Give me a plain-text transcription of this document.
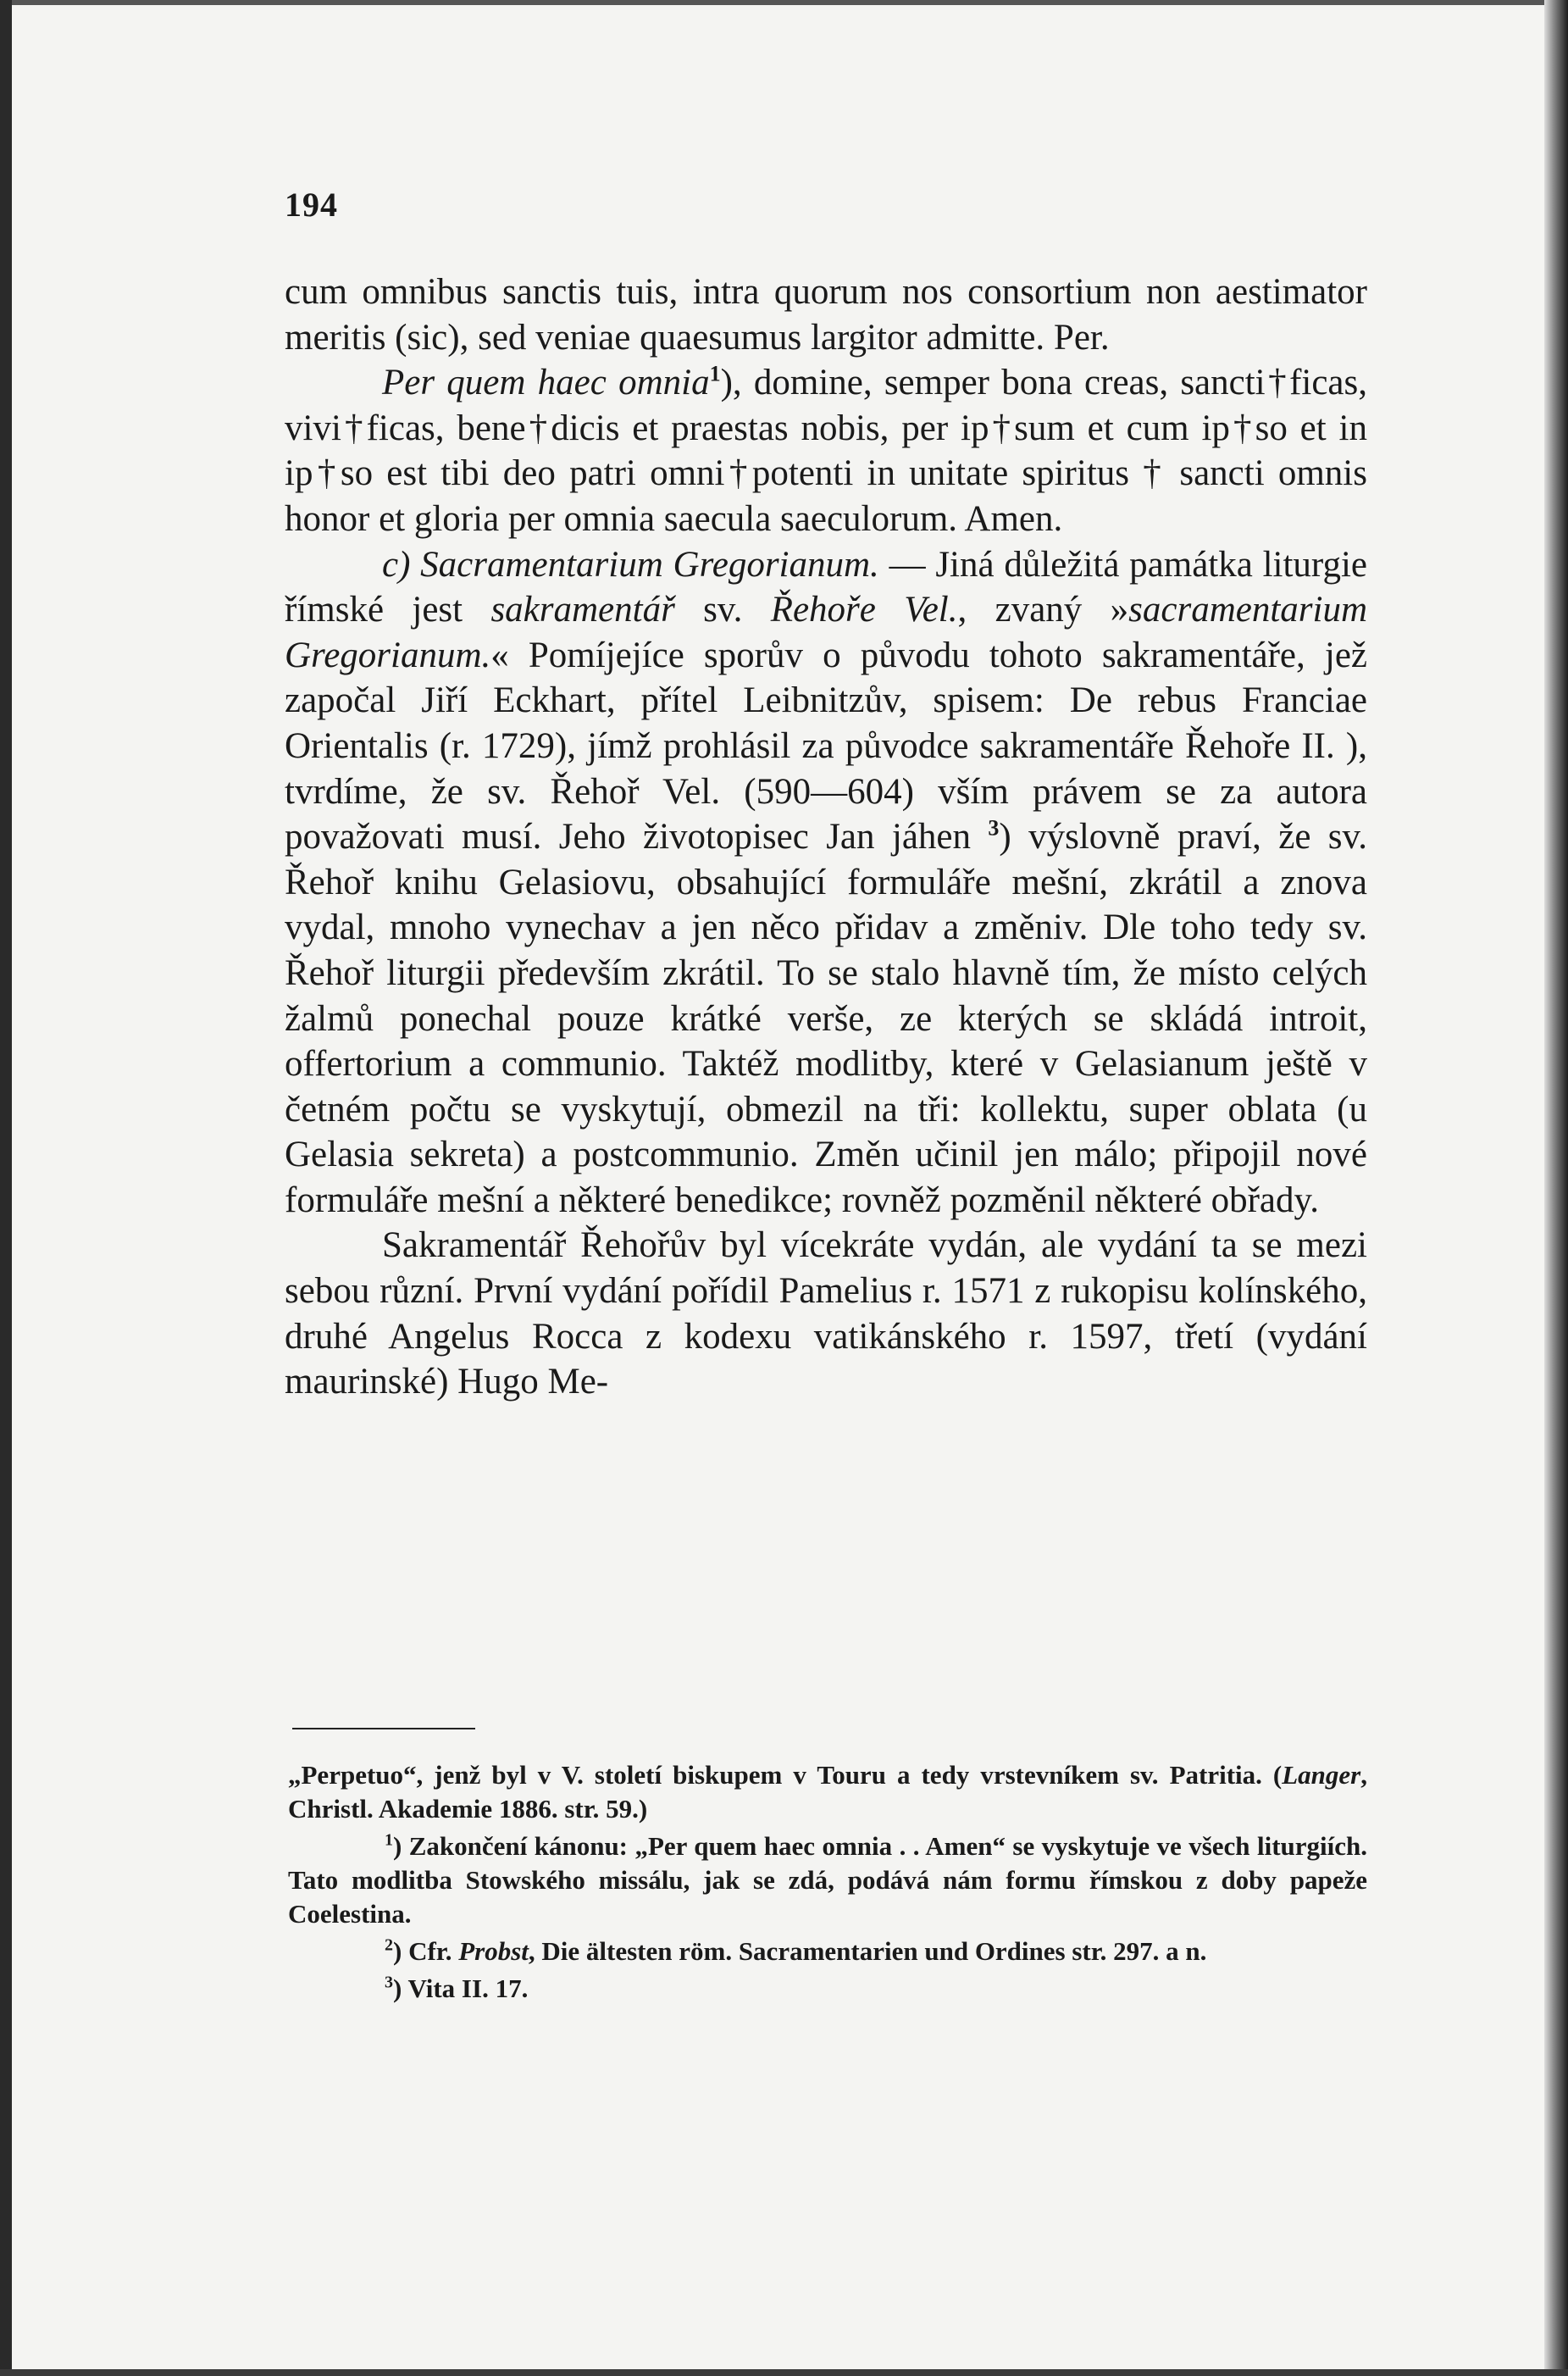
194

cum omnibus sanctis tuis, intra quorum nos consortium non aestimator meritis (sic), sed veniae quaesumus largitor admitte. Per.

Per quem haec omnia$^1$), domine, semper bona creas, sancti†ficas, vivi†ficas, bene†dicis et praestas nobis, per ip†sum et cum ip†so et in ip†so est tibi deo patri omni†potenti in unitate spiritus † sancti omnis honor et gloria per omnia saecula saeculorum. Amen.

c) Sacramentarium Gregorianum. — Jiná důležitá památka liturgie římské jest sakramentář sv. Řehoře Vel., zvaný »sacramentarium Gregorianum.« Pomíjejíce sporův o původu tohoto sakramentáře, jež započal Jiří Eckhart, přítel Leibnitzův, spisem: De rebus Franciae Orientalis (r. 1729), jímž prohlásil za původce sakramentáře Řehoře II. ), tvrdíme, že sv. Řehoř Vel. (590—604) vším právem se za autora považovati musí. Jeho životopisec Jan jáhen $^3$) výslovně praví, že sv. Řehoř knihu Gelasiovu, obsahující formuláře mešní, zkrátil a znova vydal, mnoho vynechav a jen něco přidav a změniv. Dle toho tedy sv. Řehoř liturgii především zkrátil. To se stalo hlavně tím, že místo celých žalmů ponechal pouze krátké verše, ze kterých se skládá introit, offertorium a communio. Taktéž modlitby, které v Gelasianum ještě v četném počtu se vyskytují, obmezil na tři: kollektu, super oblata (u Gelasia sekreta) a postcommunio. Změn učinil jen málo; připojil nové formuláře mešní a některé benedikce; rovněž pozměnil některé obřady.

Sakramentář Řehořův byl vícekráte vydán, ale vydání ta se mezi sebou různí. První vydání pořídil Pamelius r. 1571 z rukopisu kolínského, druhé Angelus Rocca z kodexu vatikánského r. 1597, třetí (vydání maurinské) Hugo Me-

„Perpetuo“, jenž byl v V. století biskupem v Touru a tedy vrstevníkem sv. Patritia. (Langer, Christl. Akademie 1886. str. 59.)

$^1$) Zakončení kánonu: „Per quem haec omnia . . Amen“ se vyskytuje ve všech liturgiích. Tato modlitba Stowského missálu, jak se zdá, podává nám formu římskou z doby papeže Coelestina.

$^2$) Cfr. Probst, Die ältesten röm. Sacramentarien und Ordines str. 297. a n.

$^3$) Vita II. 17.
